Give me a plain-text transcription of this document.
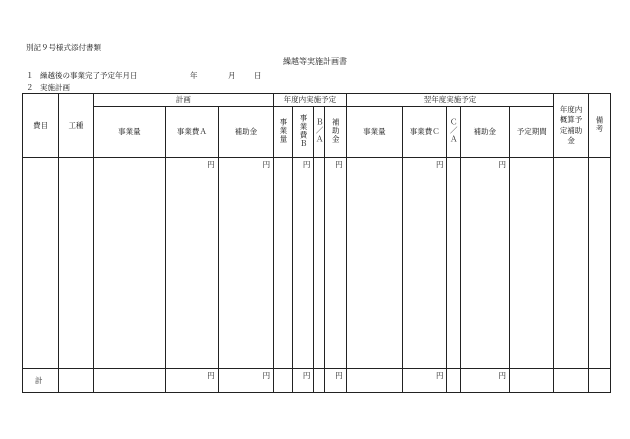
別記９号様式添付書類
繰越等実施計画書
１ 繰越後の事業完了予定年月日	年	月 日
２ 実施計画
費目	工種	計画			年度内実施予定				翌年度実施予定					年度内概算予定補助金	備考
		事業量	事業費Ａ	補助金	事業量	事業費Ｂ	Ｂ／Ａ	補助金	事業量	事業費Ｃ	Ｃ／Ａ	補助金	予定期間		
			円	円		円		円		円		円			
計			円	円		円		円		円		円			
